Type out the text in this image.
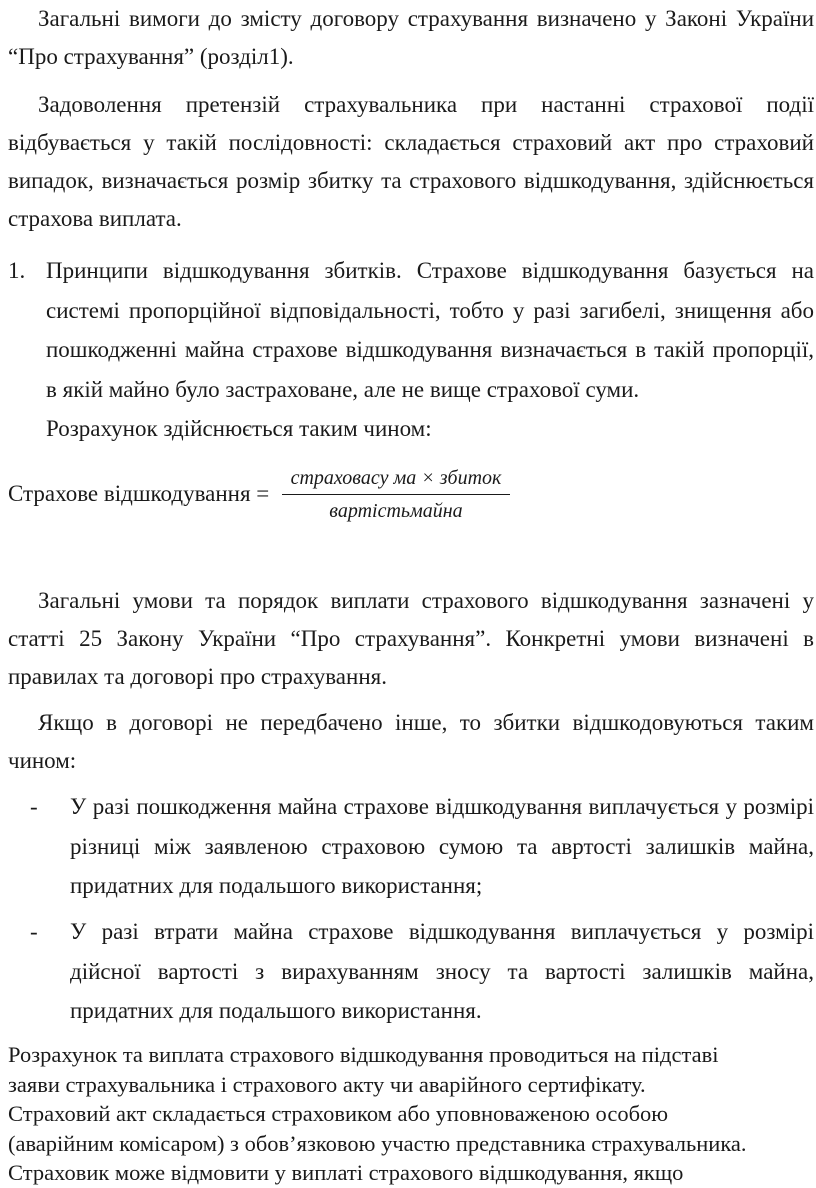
Загальні вимоги до змісту договору страхування визначено у Законі України “Про страхування” (розділ1).

Задоволення претензій страхувальника при настанні страхової події відбувається у такій послідовності: складається страховий акт про страховий випадок, визначається розмір збитку та страхового відшкодування, здійснюється страхова виплата.

1. Принципи відшкодування збитків. Страхове відшкодування базується на системі пропорційної відповідальності, тобто у разі загибелі, знищення або пошкодженні майна страхове відшкодування визначається в такій пропорції, в якій майно було застраховане, але не вище страхової суми.
Розрахунок здійснюється таким чином:

Страхове відшкодування =
страховасу ма × збиток
вартістьмайна

Загальні умови та порядок виплати страхового відшкодування зазначені у статті 25 Закону України “Про страхування”. Конкретні умови визначені в правилах та договорі про страхування.

Якщо в договорі не передбачено інше, то збитки відшкодовуються таким чином:

- У разі пошкодження майна страхове відшкодування виплачується у розмірі різниці між заявленою страховою сумою та авртості залишків майна, придатних для подальшого використання;

- У разі втрати майна страхове відшкодування виплачується у розмірі дійсної вартості з вирахуванням зносу та вартості залишків майна, придатних для подальшого використання.

Розрахунок та виплата страхового відшкодування проводиться на підставі
заяви страхувальника і страхового акту чи аварійного сертифікату.
Страховий акт складається страховиком або уповноваженою особою
(аварійним комісаром) з обов’язковою участю представника страхувальника.
Страховик може відмовити у виплаті страхового відшкодування, якщо
